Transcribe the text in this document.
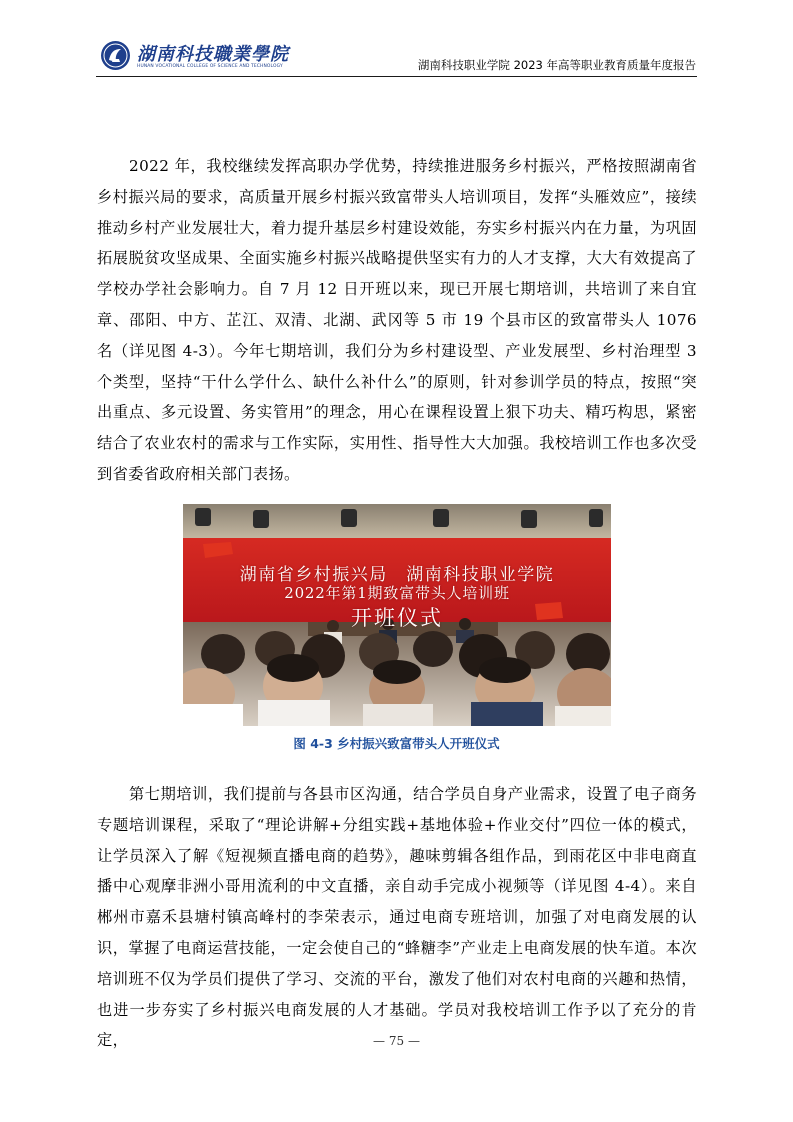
湖南科技職業學院
HUNAN VOCATIONAL COLLEGE OF SCIENCE AND TECHNOLOGY	湖南科技职业学院 2023 年高等职业教育质量年度报告

2022 年，我校继续发挥高职办学优势，持续推进服务乡村振兴，严格按照湖南省乡村振兴局的要求，高质量开展乡村振兴致富带头人培训项目，发挥“头雁效应”，接续推动乡村产业发展壮大，着力提升基层乡村建设效能，夯实乡村振兴内在力量，为巩固拓展脱贫攻坚成果、全面实施乡村振兴战略提供坚实有力的人才支撑，大大有效提高了学校办学社会影响力。自 7 月 12 日开班以来，现已开展七期培训，共培训了来自宜章、邵阳、中方、芷江、双清、北湖、武冈等 5 市 19 个县市区的致富带头人 1076 名（详见图 4-3）。今年七期培训，我们分为乡村建设型、产业发展型、乡村治理型 3 个类型，坚持“干什么学什么、缺什么补什么”的原则，针对参训学员的特点，按照“突出重点、多元设置、务实管用”的理念，用心在课程设置上狠下功夫、精巧构思，紧密结合了农业农村的需求与工作实际，实用性、指导性大大加强。我校培训工作也多次受到省委省政府相关部门表扬。

湖南省乡村振兴局　湖南科技职业学院
2022年第1期致富带头人培训班
开班仪式
图 4-3 乡村振兴致富带头人开班仪式

第七期培训，我们提前与各县市区沟通，结合学员自身产业需求，设置了电子商务专题培训课程，采取了“理论讲解+分组实践+基地体验+作业交付”四位一体的模式，让学员深入了解《短视频直播电商的趋势》，趣味剪辑各组作品，到雨花区中非电商直播中心观摩非洲小哥用流利的中文直播，亲自动手完成小视频等（详见图 4-4）。来自郴州市嘉禾县塘村镇高峰村的李荣表示，通过电商专班培训，加强了对电商发展的认识，掌握了电商运营技能，一定会使自己的“蜂糖李”产业走上电商发展的快车道。本次培训班不仅为学员们提供了学习、交流的平台，激发了他们对农村电商的兴趣和热情，也进一步夯实了乡村振兴电商发展的人才基础。学员对我校培训工作予以了充分的肯定，	— 75 —
